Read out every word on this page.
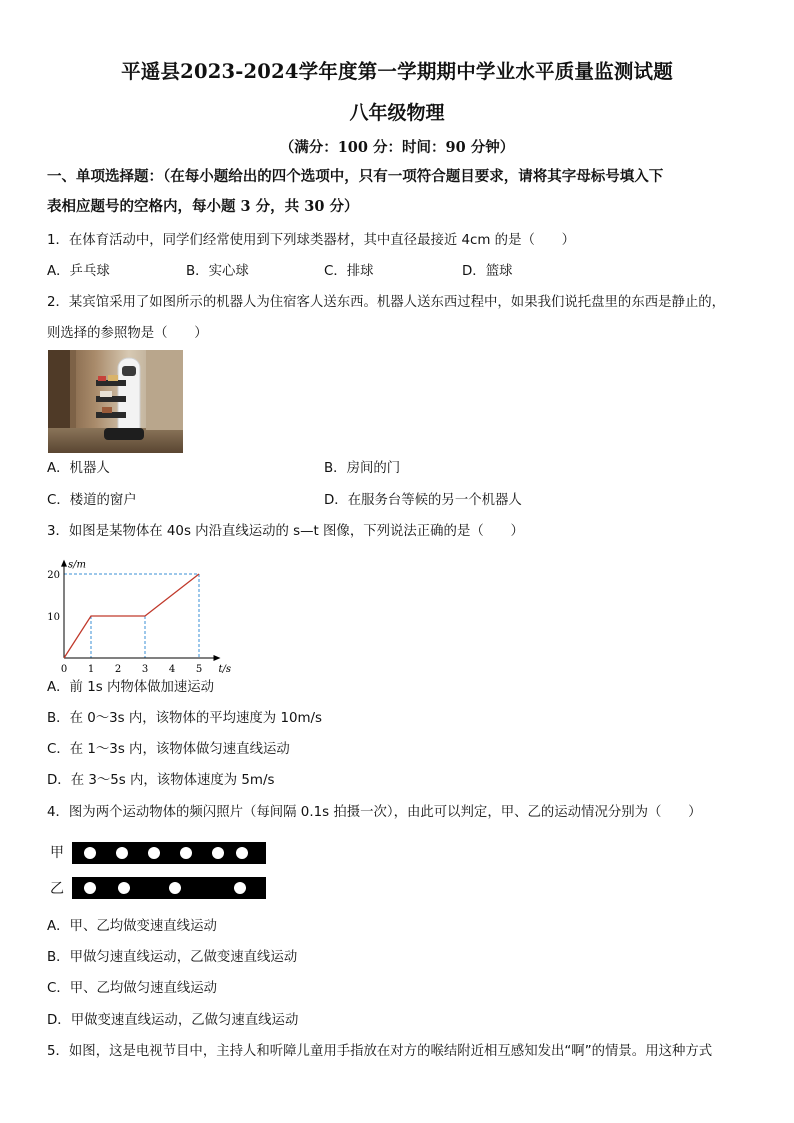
平遥县2023-2024学年度第一学期期中学业水平质量监测试题
八年级物理
（满分：100 分：时间：90 分钟）
一、单项选择题：（在每小题给出的四个选项中，只有一项符合题目要求，请将其字母标号填入下
表相应题号的空格内，每小题 3 分，共 30 分）
1．在体育活动中，同学们经常使用到下列球类器材，其中直径最接近 4cm 的是（　　）
A．乒乓球	B．实心球	C．排球	D．篮球
2．某宾馆采用了如图所示的机器人为住宿客人送东西。机器人送东西过程中，如果我们说托盘里的东西是静止的，
则选择的参照物是（　　）
A．机器人	B．房间的门
C．楼道的窗户	D．在服务台等候的另一个机器人
3．如图是某物体在 40s 内沿直线运动的 s—t 图像，下列说法正确的是（　　）
0 1 2 3 4 5
10
20
s/m
t/s
A．前 1s 内物体做加速运动
B．在 0～3s 内，该物体的平均速度为 10m/s
C．在 1～3s 内，该物体做匀速直线运动
D．在 3～5s 内，该物体速度为 5m/s
4．图为两个运动物体的频闪照片（每间隔 0.1s 拍摄一次），由此可以判定，甲、乙的运动情况分别为（　　）
甲
乙
A．甲、乙均做变速直线运动
B．甲做匀速直线运动，乙做变速直线运动
C．甲、乙均做匀速直线运动
D．甲做变速直线运动，乙做匀速直线运动
5．如图，这是电视节目中，主持人和听障儿童用手指放在对方的喉结附近相互感知发出“啊”的情景。用这种方式
